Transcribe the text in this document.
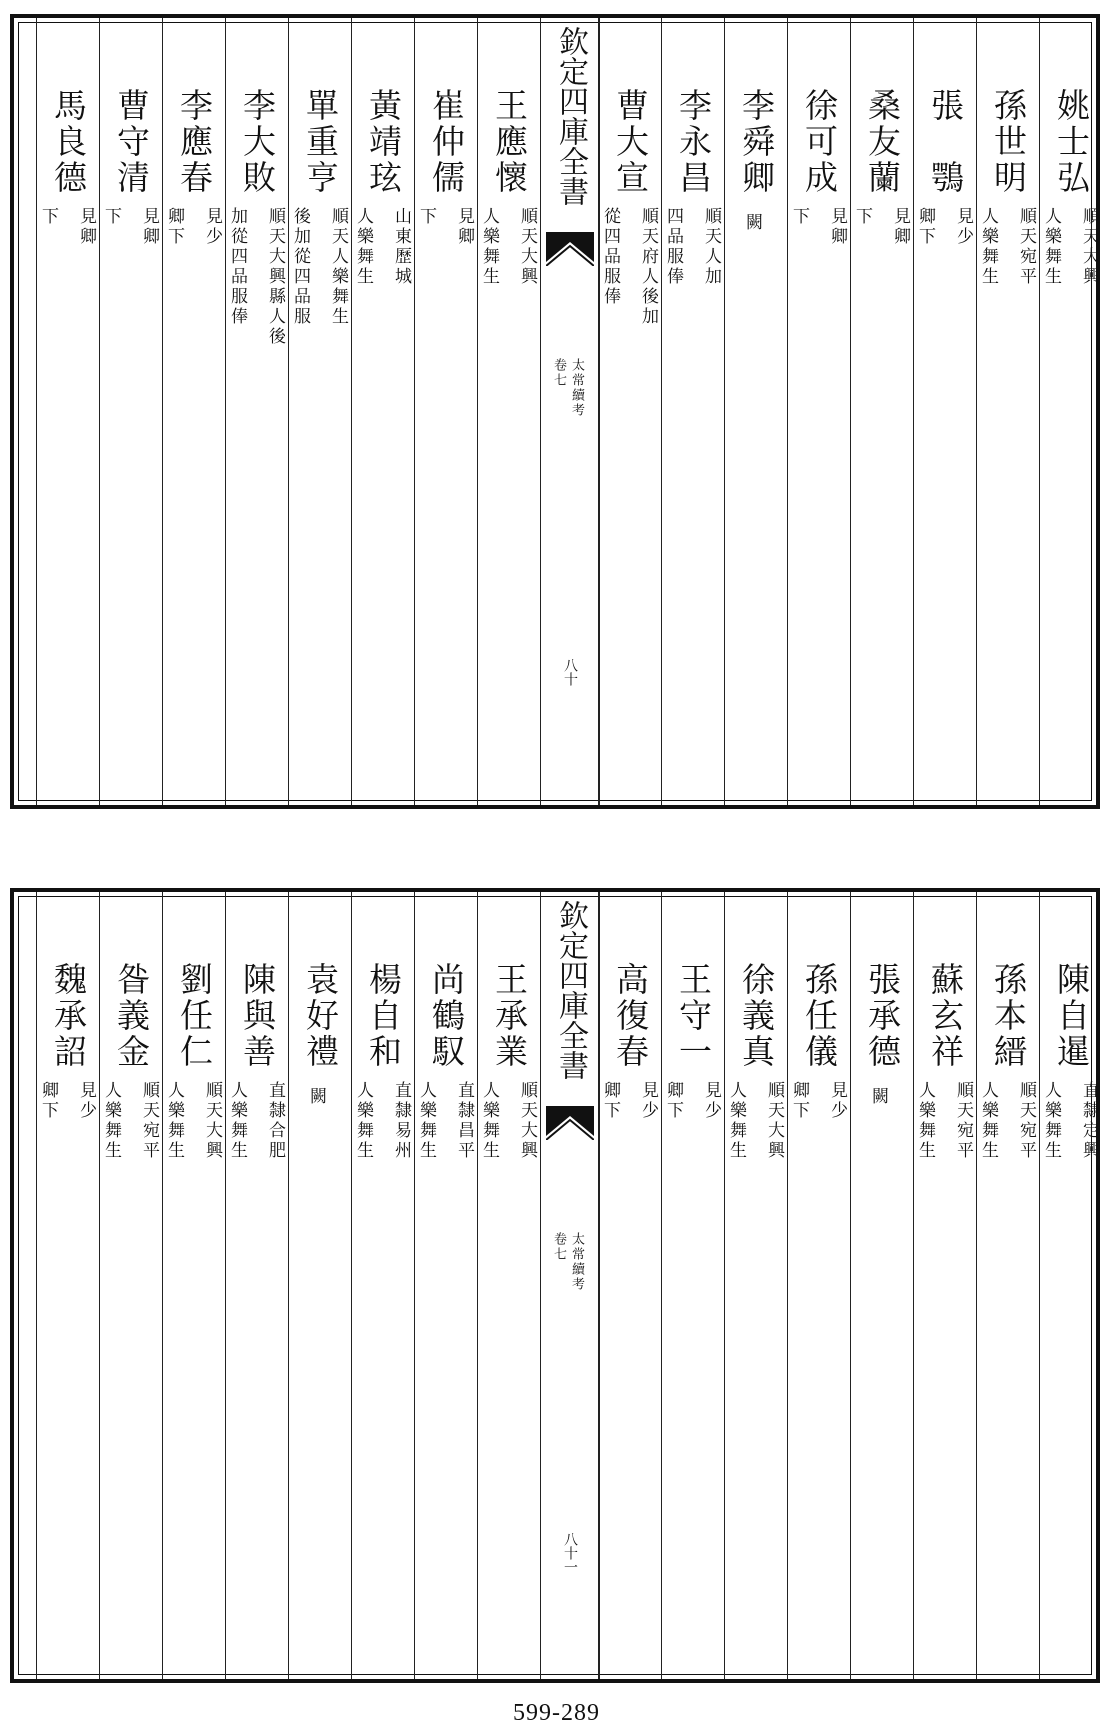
馬良德
見卿
下
曹守清
見卿
下
李應春
見少
卿下
李大敗
順天大興縣人後
加從四品服俸
單重亨
順天人樂舞生
後加從四品服
黃靖玹
山東歷城
人樂舞生
崔仲儒
見卿
下
王應懷
順天大興
人樂舞生
欽定四庫全書
太常續考
卷七
八十
曹大宣
順天府人後加
從四品服俸
李永昌
順天人加
四品服俸
李舜卿
闕
徐可成
見卿
下
桑友蘭
見卿
下
張　鶚
見少
卿下
孫世明
順天宛平
人樂舞生
姚士弘
順天大興
人樂舞生
魏承詔
見少
卿下
昝義金
順天宛平
人樂舞生
劉任仁
順天大興
人樂舞生
陳與善
直隸合肥
人樂舞生
袁好禮
闕
楊自和
直隸易州
人樂舞生
尚鶴馭
直隸昌平
人樂舞生
王承業
順天大興
人樂舞生
欽定四庫全書
太常續考
卷七
八十一
高復春
見少
卿下
王守一
見少
卿下
徐義真
順天大興
人樂舞生
孫任儀
見少
卿下
張承德
闕
蘇玄祥
順天宛平
人樂舞生
孫本縉
順天宛平
人樂舞生
陳自暹
直隸定興
人樂舞生
599-289
